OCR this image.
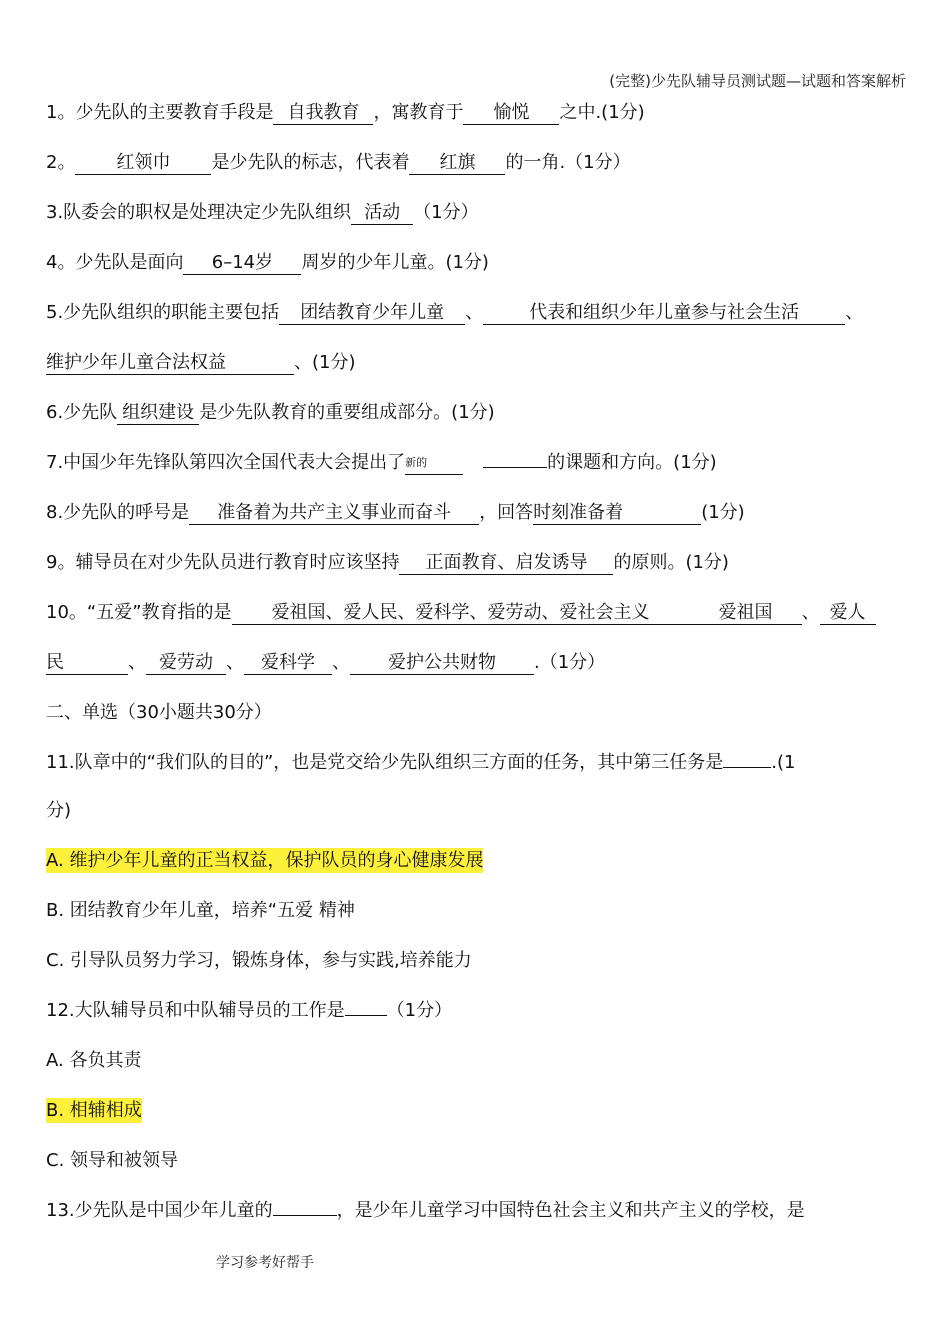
(完整)少先队辅导员测试题—试题和答案解析
1。少先队的主要教育手段是 自我教育 ，寓教育于 愉悦 之中.(1分)
2。 红领巾 是少先队的标志，代表着 红旗 的一角.（1分）
3.队委会的职权是处理决定少先队组织 活动 （1分）
4。少先队是面向 6–14岁 周岁的少年儿童。(1分)
5.少先队组织的职能主要包括 团结教育少年儿童 、	代表和组织少年儿童参与社会生活	、
维护少年儿童合法权益	、(1分)
6.少先队 组织建设 是少先队教育的重要组成部分。(1分)
7.中国少年先锋队第四次全国代表大会提出了$^{新的}$	的课题和方向。(1分)
8.少先队的呼号是 准备着为共产主义事业而奋斗 ，回答时刻准备着	(1分)
9。辅导员在对少先队员进行教育时应该坚持 正面教育、启发诱导 的原则。(1分)
10。“五爱”教育指的是 爱祖国、爱人民、爱科学、爱劳动、爱社会主义	爱祖国 、 爱人
民	、 爱劳动 、 爱科学 、 爱护公共财物 .（1分）
二、单选（30小题共30分）
11.队章中的“我们队的目的”，也是党交给少先队组织三方面的任务，其中第三任务是	.(1
分)
A. 维护少年儿童的正当权益，保护队员的身心健康发展
B. 团结教育少年儿童，培养“五爱 精神
C. 引导队员努力学习，锻炼身体，参与实践,培养能力
12.大队辅导员和中队辅导员的工作是 （1分）
A. 各负其责
B. 相辅相成
C. 领导和被领导
13.少先队是中国少年儿童的	，是少年儿童学习中国特色社会主义和共产主义的学校，是
学习参考好帮手
